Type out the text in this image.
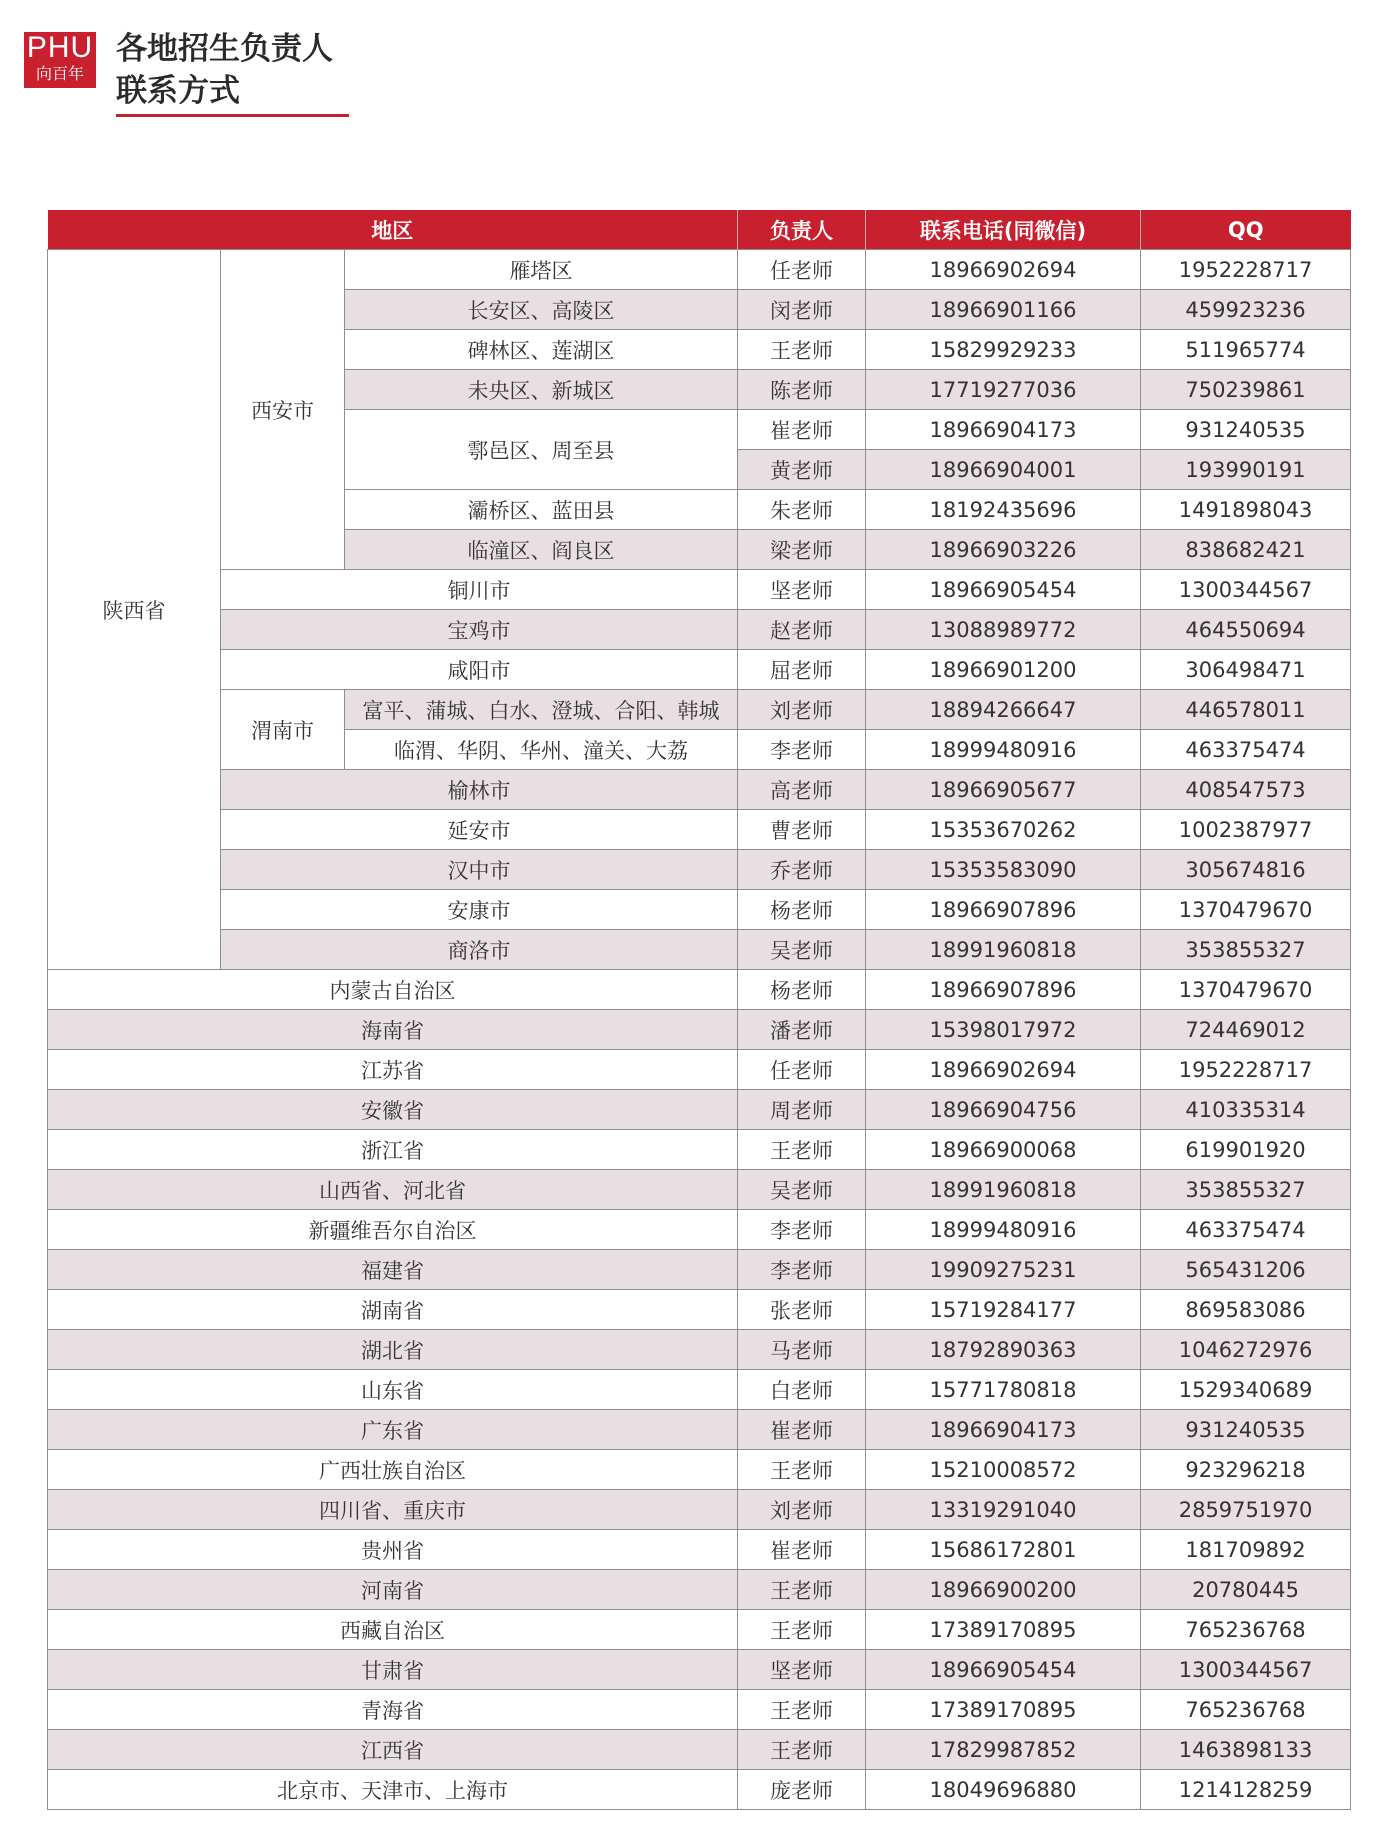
PHU
向百年
各地招生负责人
联系方式
地区			负责人	联系电话(同微信)	QQ
陕西省	西安市	雁塔区	任老师	18966902694	1952228717
		长安区、高陵区	闵老师	18966901166	459923236
		碑林区、莲湖区	王老师	15829929233	511965774
		未央区、新城区	陈老师	17719277036	750239861
		鄠邑区、周至县	崔老师	18966904173	931240535
			黄老师	18966904001	193990191
		灞桥区、蓝田县	朱老师	18192435696	1491898043
		临潼区、阎良区	梁老师	18966903226	838682421
	铜川市		坚老师	18966905454	1300344567
	宝鸡市		赵老师	13088989772	464550694
	咸阳市		屈老师	18966901200	306498471
	渭南市	富平、蒲城、白水、澄城、合阳、韩城	刘老师	18894266647	446578011
		临渭、华阴、华州、潼关、大荔	李老师	18999480916	463375474
	榆林市		高老师	18966905677	408547573
	延安市		曹老师	15353670262	1002387977
	汉中市		乔老师	15353583090	305674816
	安康市		杨老师	18966907896	1370479670
	商洛市		吴老师	18991960818	353855327
内蒙古自治区			杨老师	18966907896	1370479670
海南省			潘老师	15398017972	724469012
江苏省			任老师	18966902694	1952228717
安徽省			周老师	18966904756	410335314
浙江省			王老师	18966900068	619901920
山西省、河北省			吴老师	18991960818	353855327
新疆维吾尔自治区			李老师	18999480916	463375474
福建省			李老师	19909275231	565431206
湖南省			张老师	15719284177	869583086
湖北省			马老师	18792890363	1046272976
山东省			白老师	15771780818	1529340689
广东省			崔老师	18966904173	931240535
广西壮族自治区			王老师	15210008572	923296218
四川省、重庆市			刘老师	13319291040	2859751970
贵州省			崔老师	15686172801	181709892
河南省			王老师	18966900200	20780445
西藏自治区			王老师	17389170895	765236768
甘肃省			坚老师	18966905454	1300344567
青海省			王老师	17389170895	765236768
江西省			王老师	17829987852	1463898133
北京市、天津市、上海市			庞老师	18049696880	1214128259
